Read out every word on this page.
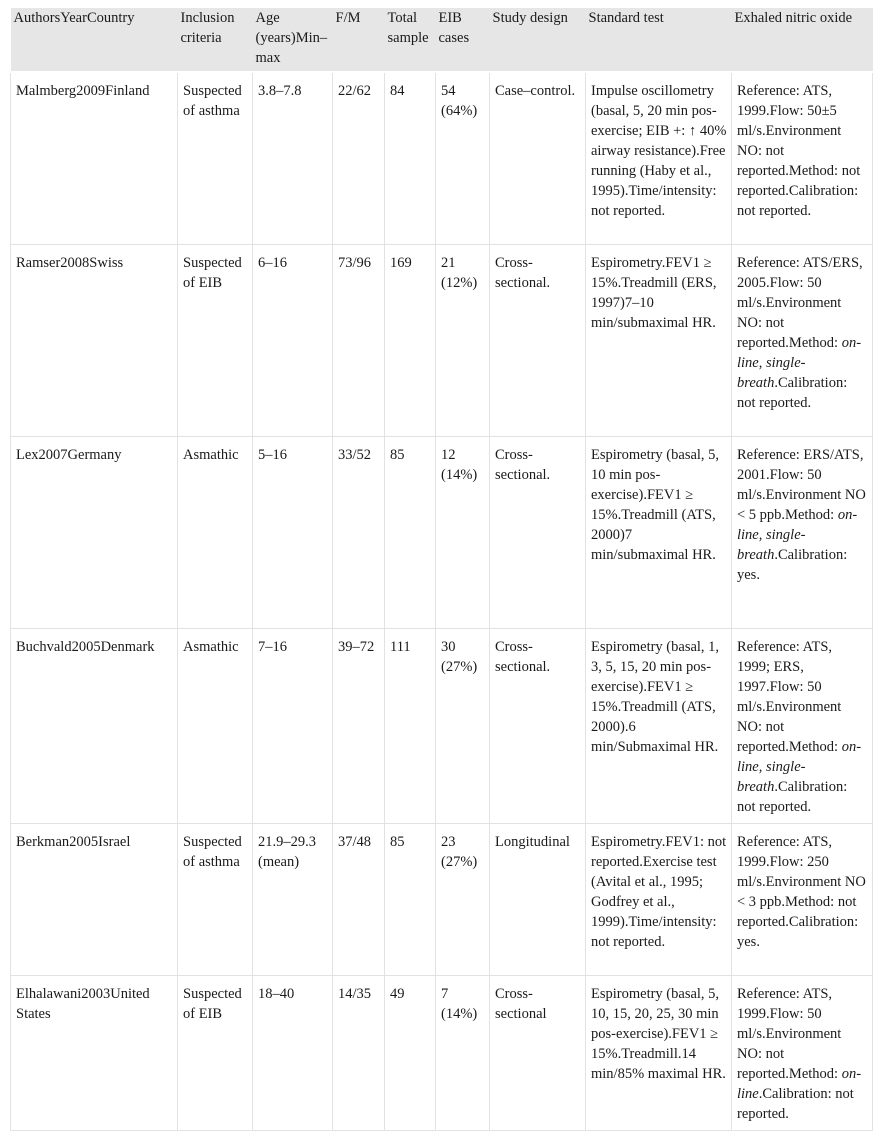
AuthorsYearCountry	Inclusion criteria	Age (years)Min–max	F/M	Total sample	EIB cases	Study design	Standard test	Exhaled nitric oxide
Malmberg2009Finland	Suspected of asthma	3.8–7.8	22/62	84	54 (64%)	Case–control.	Impulse oscillometry (basal, 5, 20 min pos-exercise; EIB +: ↑ 40% airway resistance).Free running (Haby et al., 1995).Time/intensity: not reported.	Reference: ATS, 1999.Flow: 50±5 ml/s.Environment NO: not reported.Method: not reported.Calibration: not reported.
Ramser2008Swiss	Suspected of EIB	6–16	73/96	169	21 (12%)	Cross-sectional.	Espirometry.FEV1 ≥ 15%.Treadmill (ERS, 1997)7–10 min/submaximal HR.	Reference: ATS/ERS, 2005.Flow: 50 ml/s.Environment NO: not reported.Method: on-line, single-breath.Calibration: not reported.
Lex2007Germany	Asmathic	5–16	33/52	85	12 (14%)	Cross-sectional.	Espirometry (basal, 5, 10 min pos-exercise).FEV1 ≥ 15%.Treadmill (ATS, 2000)7 min/submaximal HR.	Reference: ERS/ATS, 2001.Flow: 50 ml/s.Environment NO < 5 ppb.Method: on-line, single-breath.Calibration: yes.
Buchvald2005Denmark	Asmathic	7–16	39–72	111	30 (27%)	Cross-sectional.	Espirometry (basal, 1, 3, 5, 15, 20 min pos-exercise).FEV1 ≥ 15%.Treadmill (ATS, 2000).6 min/Submaximal HR.	Reference: ATS, 1999; ERS, 1997.Flow: 50 ml/s.Environment NO: not reported.Method: on-line, single-breath.Calibration: not reported.
Berkman2005Israel	Suspected of asthma	21.9–29.3 (mean)	37/48	85	23 (27%)	Longitudinal	Espirometry.FEV1: not reported.Exercise test (Avital et al., 1995; Godfrey et al., 1999).Time/intensity: not reported.	Reference: ATS, 1999.Flow: 250 ml/s.Environment NO < 3 ppb.Method: not reported.Calibration: yes.
Elhalawani2003United States	Suspected of EIB	18–40	14/35	49	7 (14%)	Cross-sectional	Espirometry (basal, 5, 10, 15, 20, 25, 30 min pos-exercise).FEV1 ≥ 15%.Treadmill.14 min/85% maximal HR.	Reference: ATS, 1999.Flow: 50 ml/s.Environment NO: not reported.Method: on-line.Calibration: not reported.
